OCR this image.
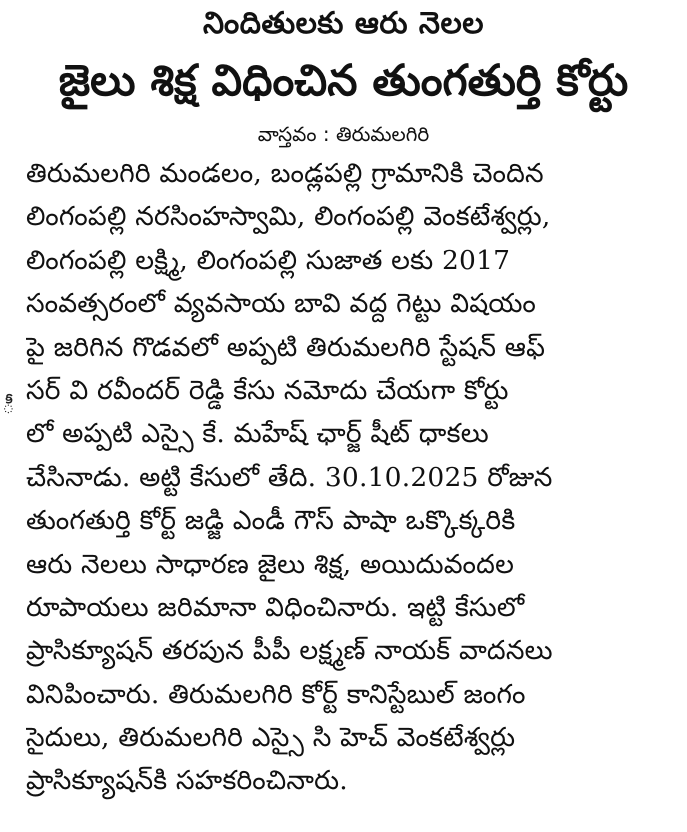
నిందితులకు ఆరు నెలల
జైలు శిక్ష విధించిన తుంగతుర్తి కోర్టు
వాస్తవం : తిరుమలగిరి
ీ
తిరుమలగిరి మండలం, బండ్లపల్లి గ్రామానికి చెందిన
లింగంపల్లి నరసింహస్వామి, లింగంపల్లి వెంకటేశ్వర్లు,
లింగంపల్లి లక్ష్మి, లింగంపల్లి సుజాత లకు 2017
సంవత్సరంలో వ్యవసాయ బావి వద్ద గెట్టు విషయం
పై జరిగిన గొడవలో అప్పటి తిరుమలగిరి స్టేషన్ ఆఫ్
సర్ వి రవీందర్ రెడ్డి కేసు నమోదు చేయగా కోర్టు
లో అప్పటి ఎస్సై కే. మహేష్ ఛార్జ్ షీట్ ధాకలు
చేసినాడు. అట్టి కేసులో తేది. 30.10.2025 రోజున
తుంగతుర్తి కోర్ట్ జడ్జి ఎండీ గౌస్ పాషా ఒక్కొక్కరికి
ఆరు నెలలు సాధారణ జైలు శిక్ష, అయిదువందల
రూపాయలు జరిమానా విధించినారు. ఇట్టి కేసులో
ప్రాసిక్యూషన్ తరపున పీపీ లక్ష్మణ్ నాయక్ వాదనలు
వినిపించారు. తిరుమలగిరి కోర్ట్ కానిస్టేబుల్ జంగం
సైదులు, తిరుమలగిరి ఎస్సై సి హెచ్ వెంకటేశ్వర్లు
ప్రాసిక్యూషన్‌కి సహకరించినారు.
